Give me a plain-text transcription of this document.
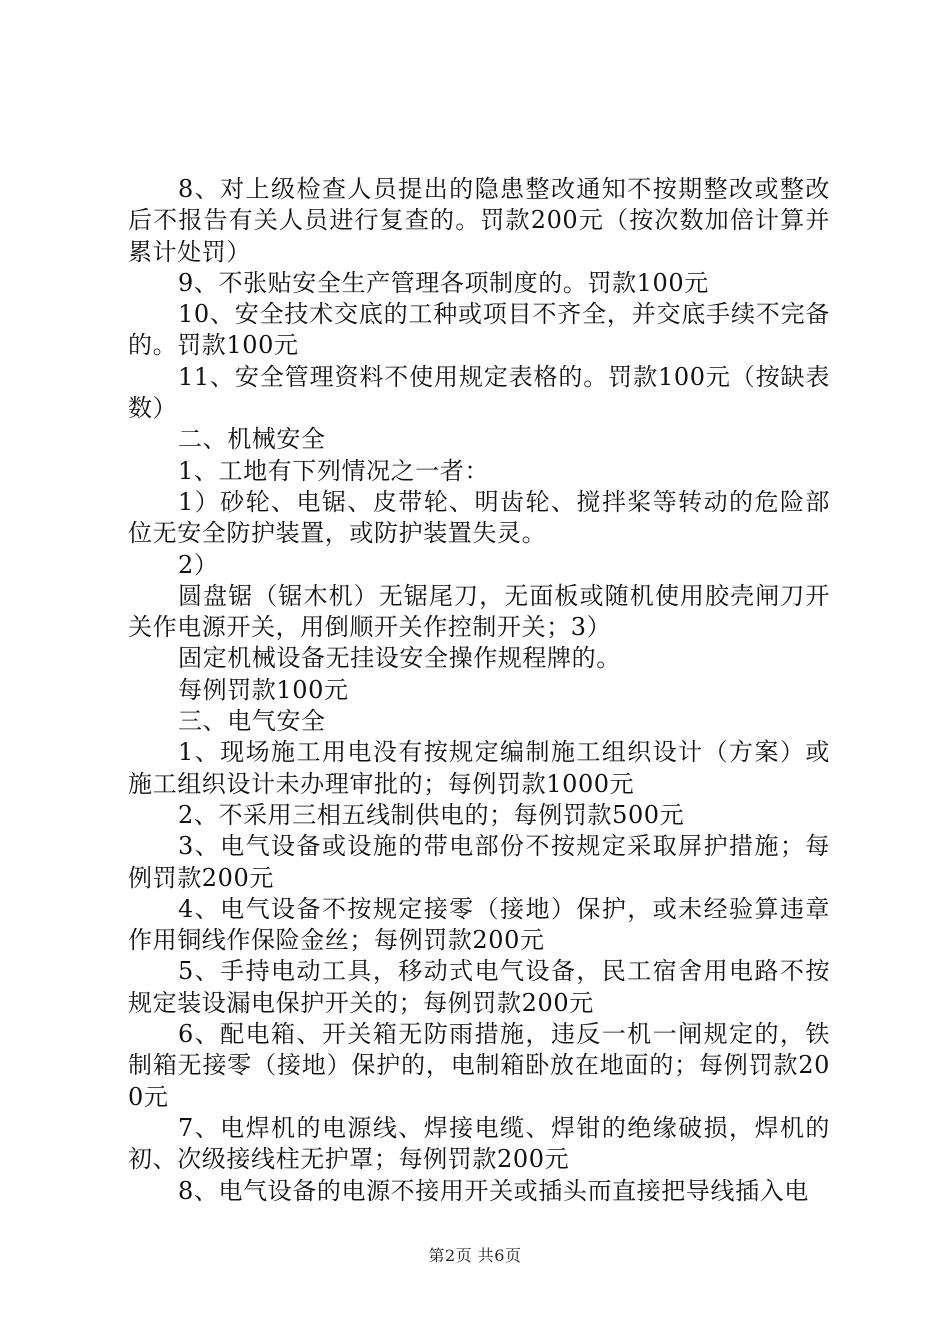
8、对上级检查人员提出的隐患整改通知不按期整改或整改后不报告有关人员进行复查的。罚款200元（按次数加倍计算并累计处罚）

9、不张贴安全生产管理各项制度的。罚款100元

10、安全技术交底的工种或项目不齐全，并交底手续不完备的。罚款100元

11、安全管理资料不使用规定表格的。罚款100元（按缺表数）

二、机械安全

1、工地有下列情况之一者：

1）砂轮、电锯、皮带轮、明齿轮、搅拌桨等转动的危险部位无安全防护装置，或防护装置失灵。

2）

圆盘锯（锯木机）无锯尾刀，无面板或随机使用胶壳闸刀开关作电源开关，用倒顺开关作控制开关；3）

固定机械设备无挂设安全操作规程牌的。

每例罚款100元

三、电气安全

1、现场施工用电没有按规定编制施工组织设计（方案）或施工组织设计未办理审批的；每例罚款1000元

2、不采用三相五线制供电的；每例罚款500元

3、电气设备或设施的带电部份不按规定采取屏护措施；每例罚款200元

4、电气设备不按规定接零（接地）保护，或未经验算违章作用铜线作保险金丝；每例罚款200元

5、手持电动工具，移动式电气设备，民工宿舍用电路不按规定装设漏电保护开关的；每例罚款200元

6、配电箱、开关箱无防雨措施，违反一机一闸规定的，铁制箱无接零（接地）保护的，电制箱卧放在地面的；每例罚款200元

7、电焊机的电源线、焊接电缆、焊钳的绝缘破损，焊机的初、次级接线柱无护罩；每例罚款200元

8、电气设备的电源不接用开关或插头而直接把导线插入电

第2页 共6页
